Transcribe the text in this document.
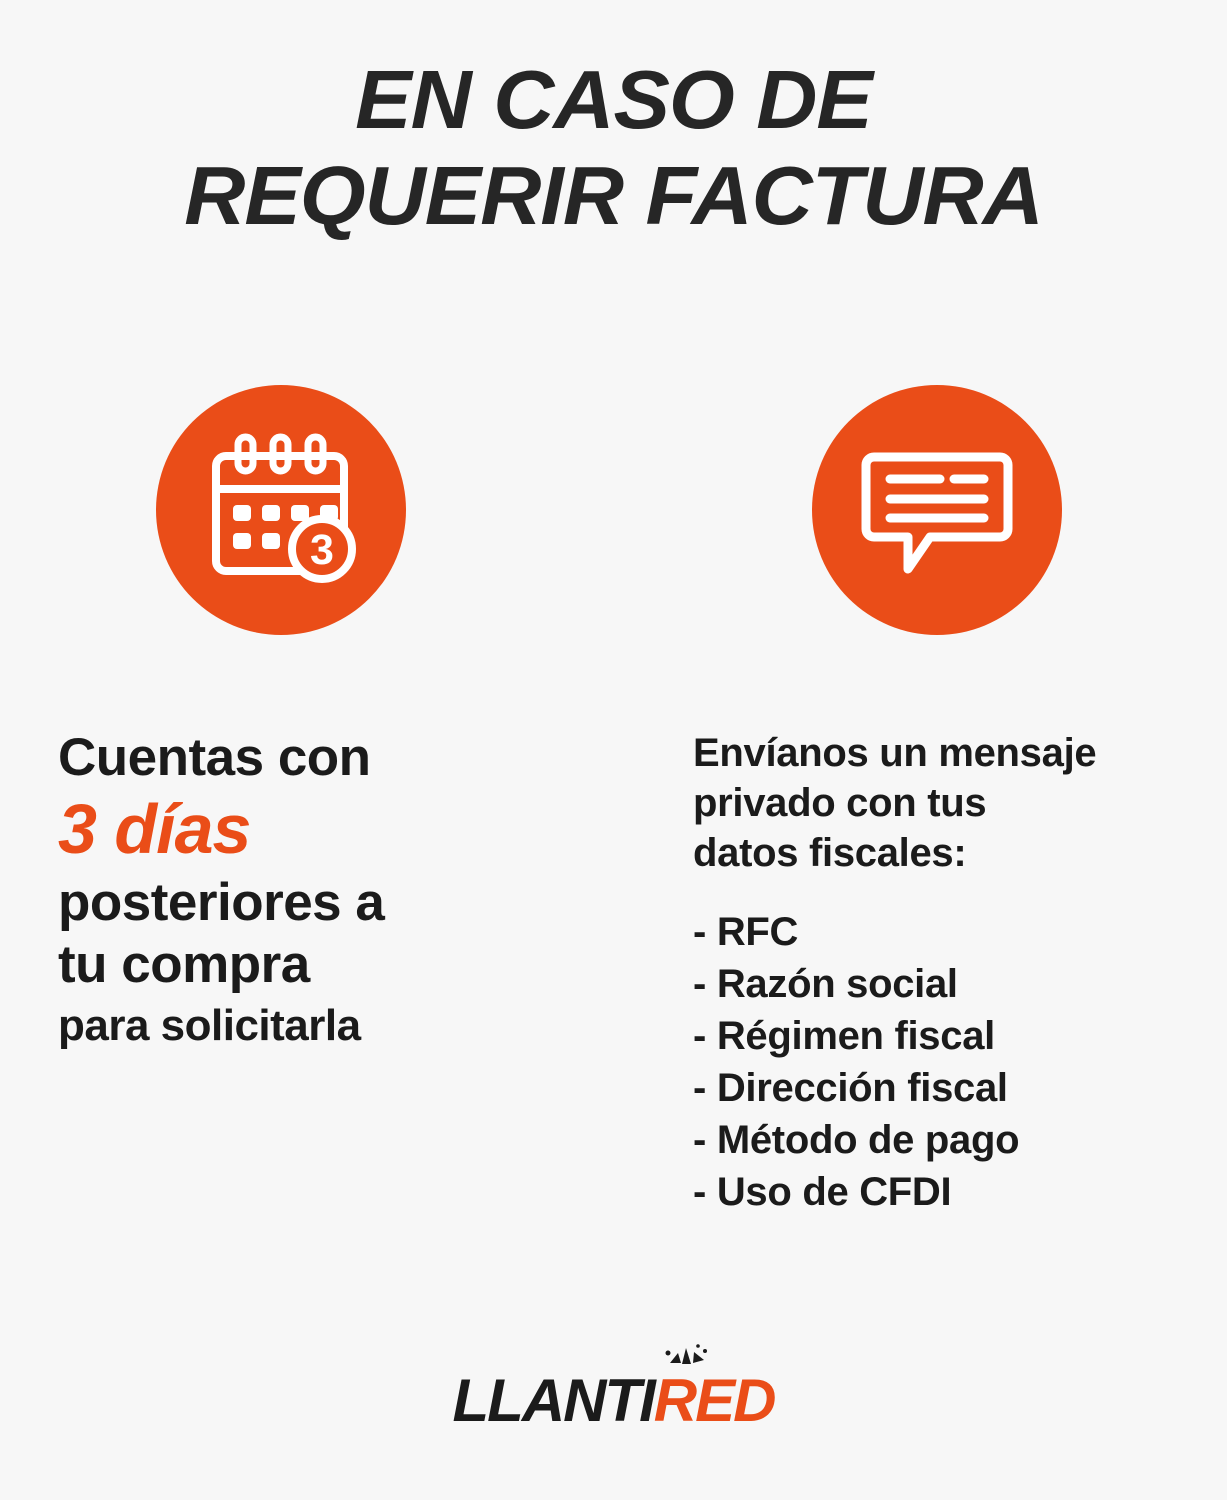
EN CASO DE
REQUERIR FACTURA
3
Cuentas con
3 días
posteriores a
tu compra
para solicitarla
Envíanos un mensaje
privado con tus
datos fiscales:
- RFC
- Razón social
- Régimen fiscal
- Dirección fiscal
- Método de pago
- Uso de CFDI
LLANTIRED
